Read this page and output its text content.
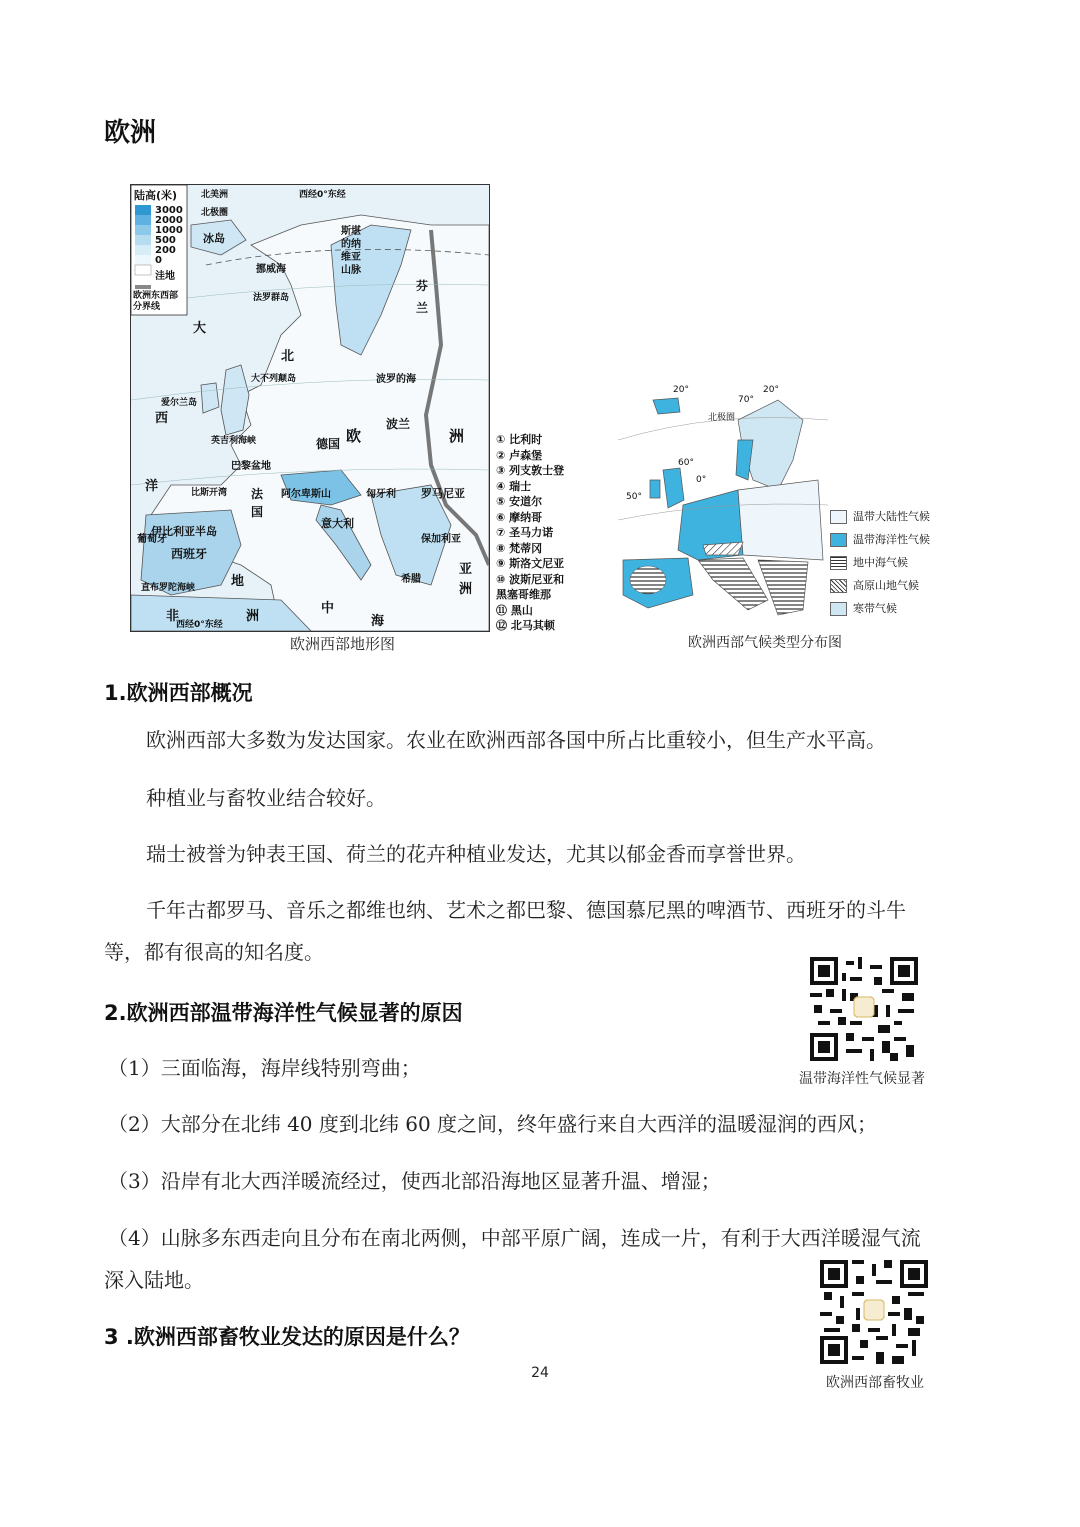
欧洲
陆高(米)
3000
2000
1000
500
200
0
洼地
欧洲东西部分界线
北美洲	西经0°东经
北极圈
冰岛
挪威海
法罗群岛
大
西
洋
北
大不列颠岛
爱尔兰岛
英吉利海峡
巴黎盆地
比斯开湾
伊比利亚半岛
西班牙
葡萄牙
直布罗陀海峡
非	洲
西经0°东经
地
中
海
阿尔卑斯山
斯堪的纳维亚山脉
芬兰
波兰
德国
法国
意大利
罗马尼亚
保加利亚
希腊
匈牙利
波罗的海
欧	洲
亚洲
① 比利时
② 卢森堡
③ 列支敦士登
④ 瑞士
⑤ 安道尔
⑥ 摩纳哥
⑦ 圣马力诺
⑧ 梵蒂冈
⑨ 斯洛文尼亚
⑩ 波斯尼亚和
黑塞哥维那
⑪ 黑山
⑫ 北马其顿
欧洲西部地形图
北极圈
70°
60°
50°
20°
0°
20°
温带大陆性气候
温带海洋性气候
地中海气候
高原山地气候
寒带气候
欧洲西部气候类型分布图
1.欧洲西部概况
欧洲西部大多数为发达国家。农业在欧洲西部各国中所占比重较小，但生产水平高。
种植业与畜牧业结合较好。
瑞士被誉为钟表王国、荷兰的花卉种植业发达，尤其以郁金香而享誉世界。
千年古都罗马、音乐之都维也纳、艺术之都巴黎、德国慕尼黑的啤酒节、西班牙的斗牛
等，都有很高的知名度。
2.欧洲西部温带海洋性气候显著的原因
（1）三面临海，海岸线特别弯曲；
（2）大部分在北纬 40 度到北纬 60 度之间，终年盛行来自大西洋的温暖湿润的西风；
（3）沿岸有北大西洋暖流经过，使西北部沿海地区显著升温、增湿；
（4）山脉多东西走向且分布在南北两侧，中部平原广阔，连成一片，有利于大西洋暖湿气流
深入陆地。
3 .欧洲西部畜牧业发达的原因是什么？
温带海洋性气候显著
欧洲西部畜牧业
24
